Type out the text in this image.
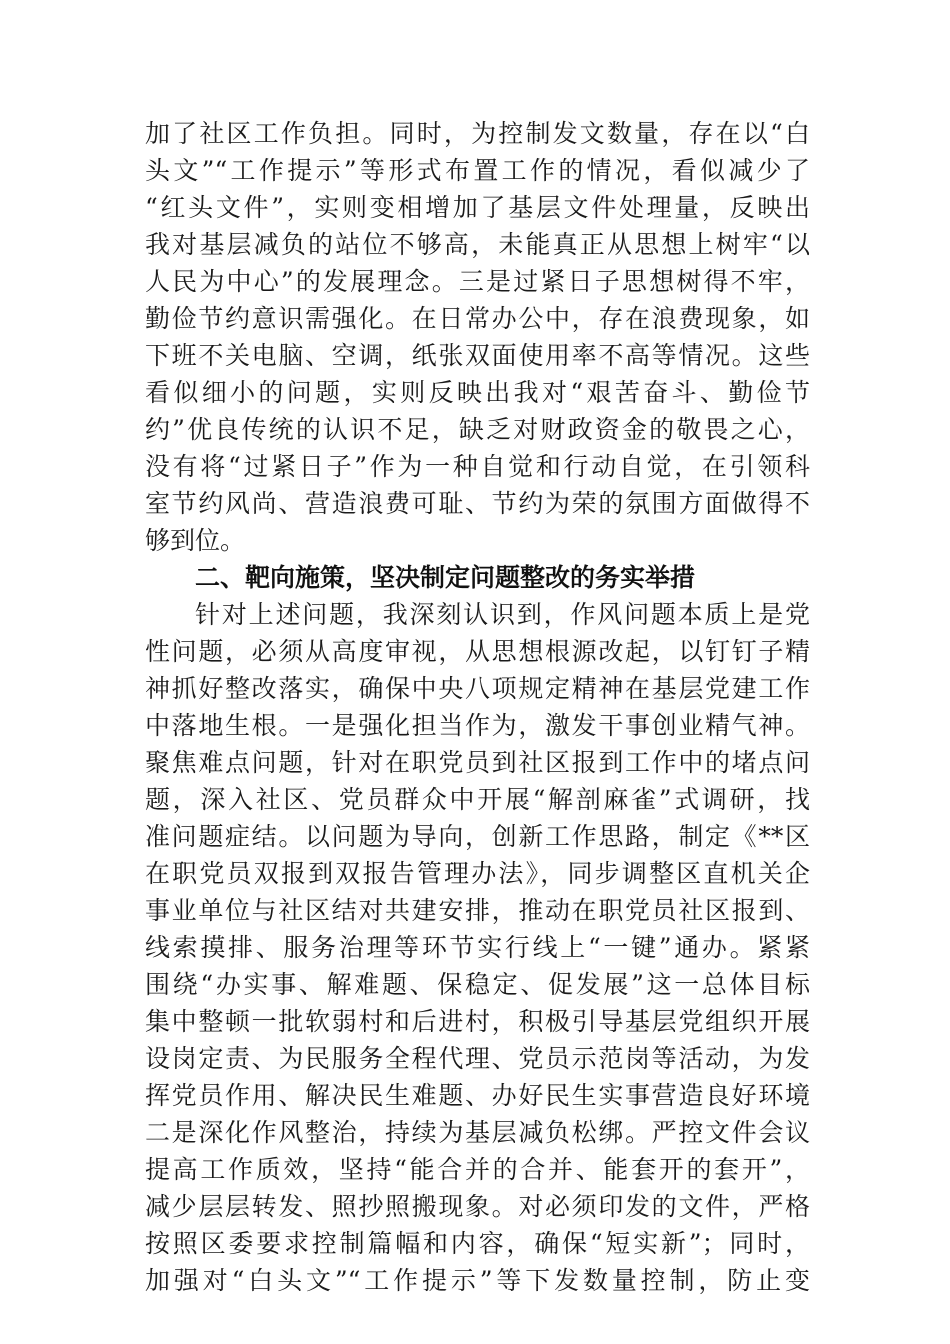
加了社区工作负担。同时，为控制发文数量，存在以“白
头文”“工作提示”等形式布置工作的情况，看似减少了
“红头文件”，实则变相增加了基层文件处理量，反映出
我对基层减负的站位不够高，未能真正从思想上树牢“以
人民为中心”的发展理念。三是过紧日子思想树得不牢，
勤俭节约意识需强化。在日常办公中，存在浪费现象，如
下班不关电脑、空调，纸张双面使用率不高等情况。这些
看似细小的问题，实则反映出我对“艰苦奋斗、勤俭节
约”优良传统的认识不足，缺乏对财政资金的敬畏之心，
没有将“过紧日子”作为一种自觉和行动自觉，在引领科
室节约风尚、营造浪费可耻、节约为荣的氛围方面做得不
够到位。
二、靶向施策，坚决制定问题整改的务实举措
针对上述问题，我深刻认识到，作风问题本质上是党
性问题，必须从高度审视，从思想根源改起，以钉钉子精
神抓好整改落实，确保中央八项规定精神在基层党建工作
中落地生根。一是强化担当作为，激发干事创业精气神。
聚焦难点问题，针对在职党员到社区报到工作中的堵点问
题，深入社区、党员群众中开展“解剖麻雀”式调研，找
准问题症结。以问题为导向，创新工作思路，制定《**区
在职党员双报到双报告管理办法》，同步调整区直机关企
事业单位与社区结对共建安排，推动在职党员社区报到、
线索摸排、服务治理等环节实行线上“一键”通办。紧紧
围绕“办实事、解难题、保稳定、促发展”这一总体目标
集中整顿一批软弱村和后进村，积极引导基层党组织开展
设岗定责、为民服务全程代理、党员示范岗等活动，为发
挥党员作用、解决民生难题、办好民生实事营造良好环境
二是深化作风整治，持续为基层减负松绑。严控文件会议
提高工作质效，坚持“能合并的合并、能套开的套开”，
减少层层转发、照抄照搬现象。对必须印发的文件，严格
按照区委要求控制篇幅和内容，确保“短实新”；同时，
加强对“白头文”“工作提示”等下发数量控制，防止变
